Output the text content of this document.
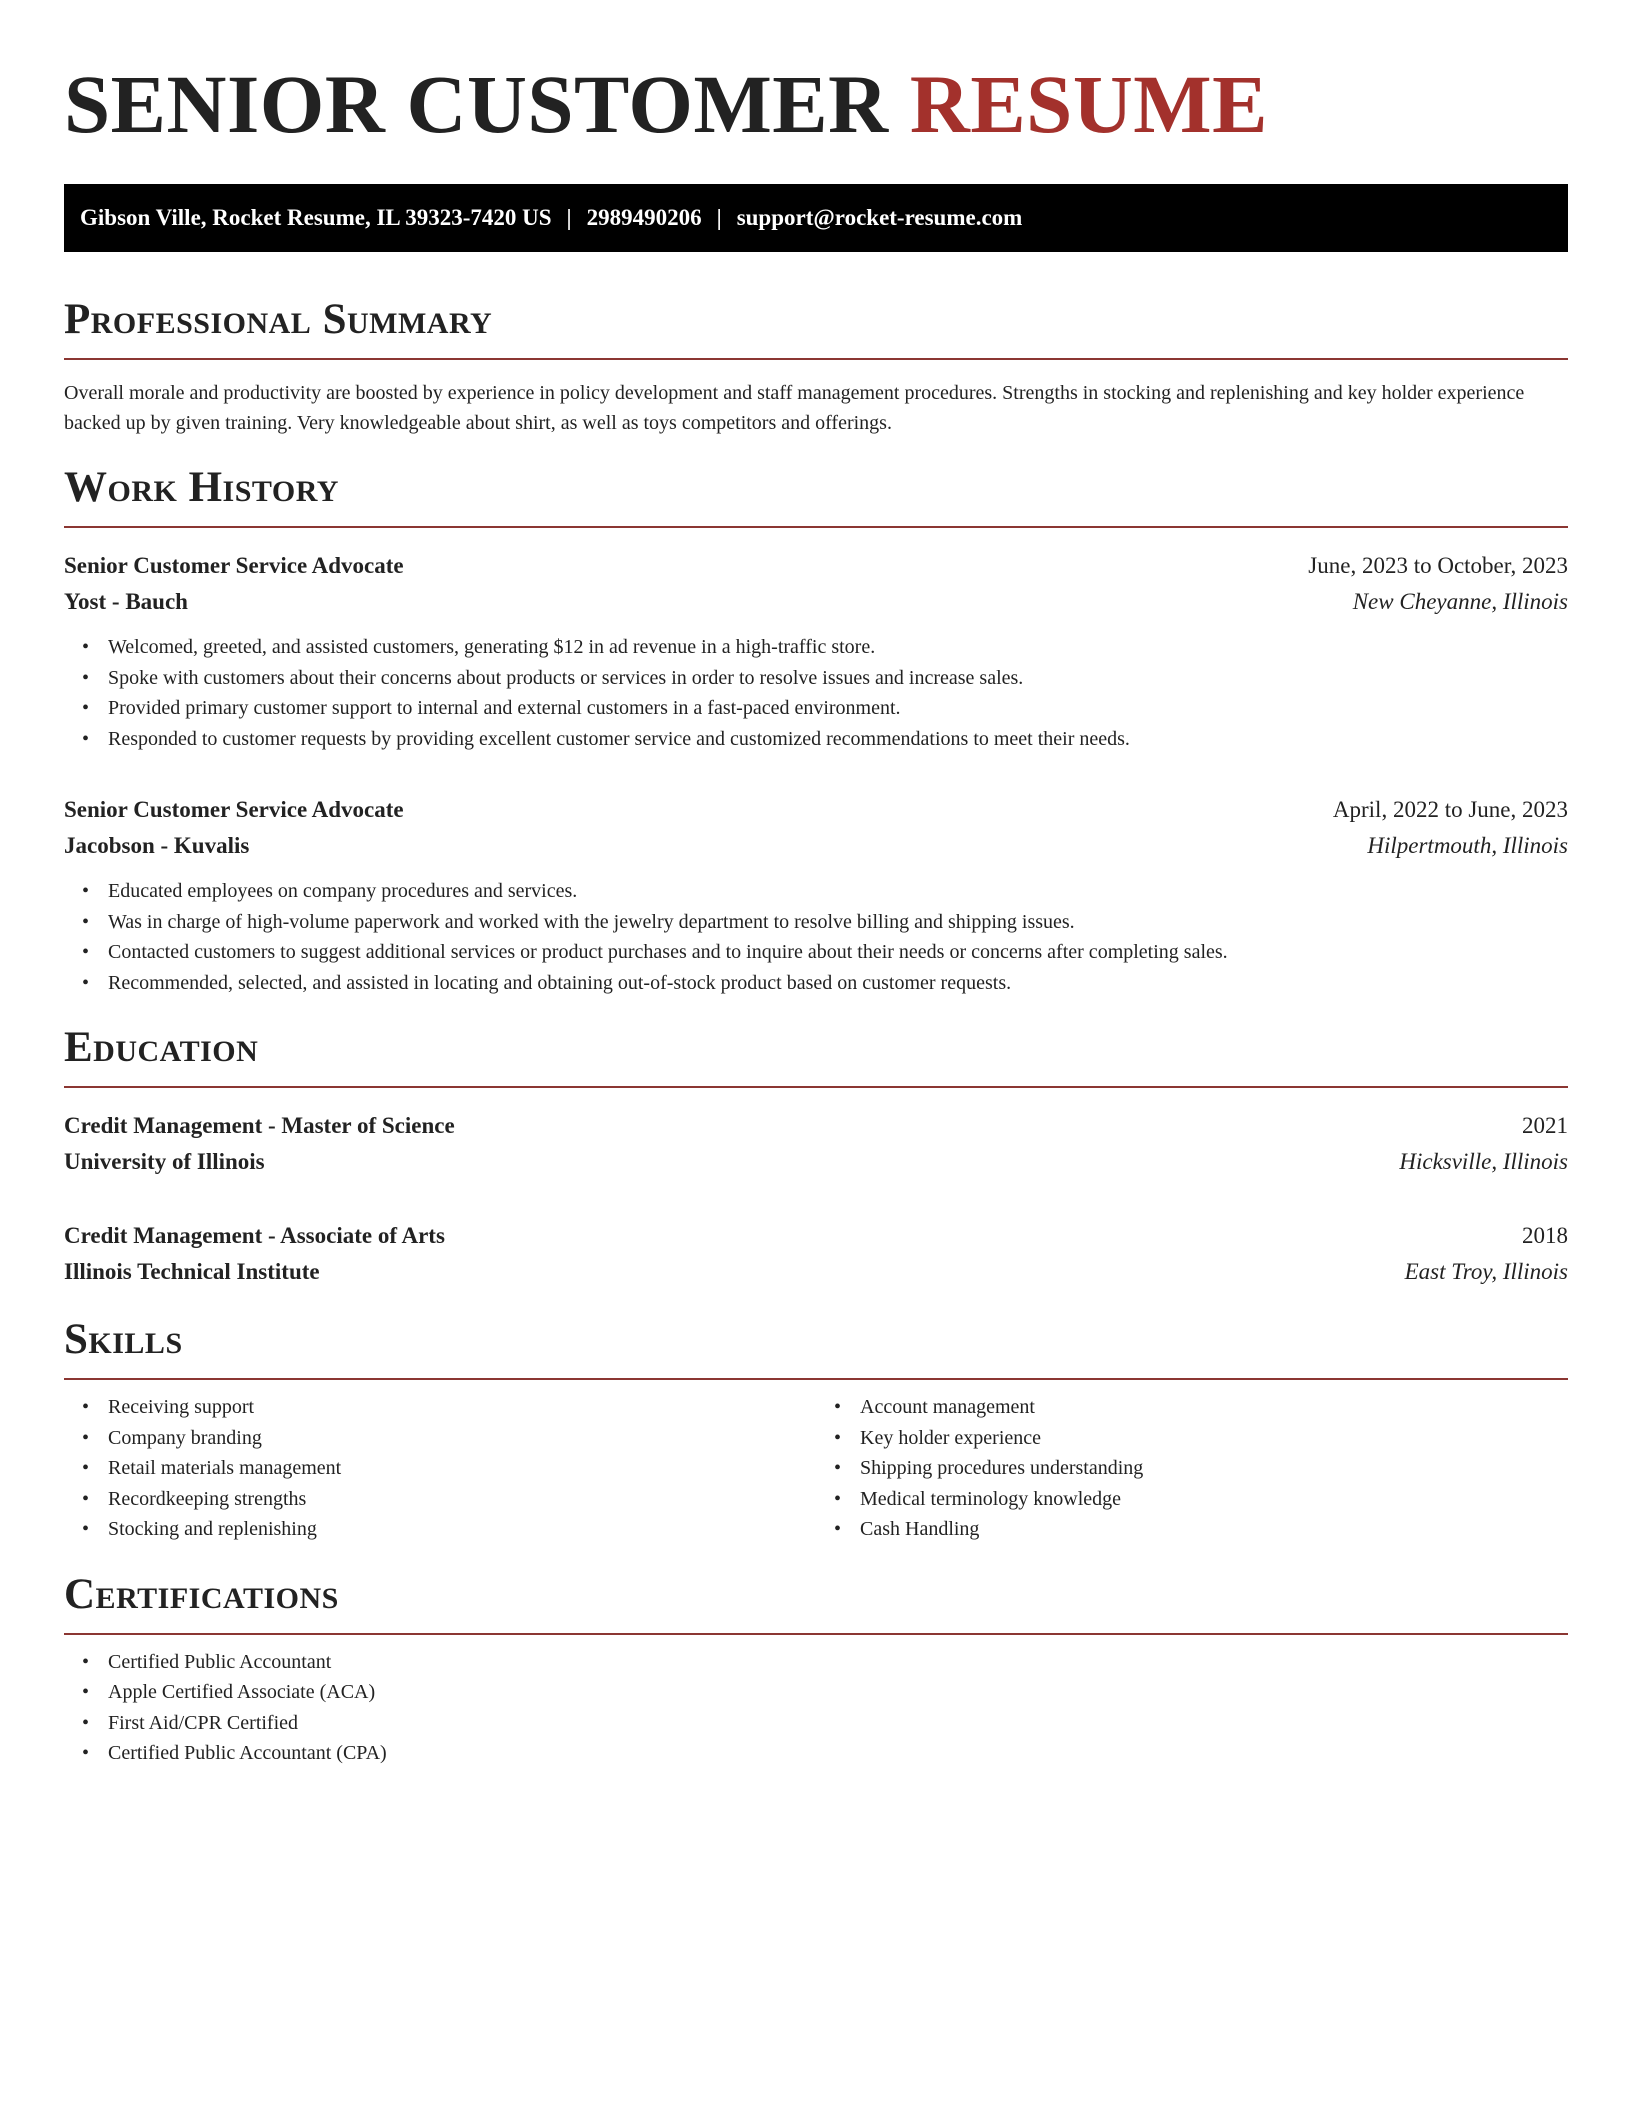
SENIOR CUSTOMER RESUME
Gibson Ville, Rocket Resume, IL 39323-7420 US | 2989490206 | support@rocket-resume.com
Professional Summary

Overall morale and productivity are boosted by experience in policy development and staff management procedures. Strengths in stocking and replenishing and key holder experience backed up by given training. Very knowledgeable about shirt, as well as toys competitors and offerings.

Work History
Senior Customer Service Advocate	June, 2023 to October, 2023
Yost - Bauch	New Cheyanne, Illinois
• Welcomed, greeted, and assisted customers, generating $12 in ad revenue in a high-traffic store.
• Spoke with customers about their concerns about products or services in order to resolve issues and increase sales.
• Provided primary customer support to internal and external customers in a fast-paced environment.
• Responded to customer requests by providing excellent customer service and customized recommendations to meet their needs.
Senior Customer Service Advocate	April, 2022 to June, 2023
Jacobson - Kuvalis	Hilpertmouth, Illinois
• Educated employees on company procedures and services.
• Was in charge of high-volume paperwork and worked with the jewelry department to resolve billing and shipping issues.
• Contacted customers to suggest additional services or product purchases and to inquire about their needs or concerns after completing sales.
• Recommended, selected, and assisted in locating and obtaining out-of-stock product based on customer requests.
Education
Credit Management - Master of Science	2021
University of Illinois	Hicksville, Illinois
Credit Management - Associate of Arts	2018
Illinois Technical Institute	East Troy, Illinois
Skills
• Receiving support
• Company branding
• Retail materials management
• Recordkeeping strengths
• Stocking and replenishing
• Account management
• Key holder experience
• Shipping procedures understanding
• Medical terminology knowledge
• Cash Handling
Certifications
• Certified Public Accountant
• Apple Certified Associate (ACA)
• First Aid/CPR Certified
• Certified Public Accountant (CPA)
